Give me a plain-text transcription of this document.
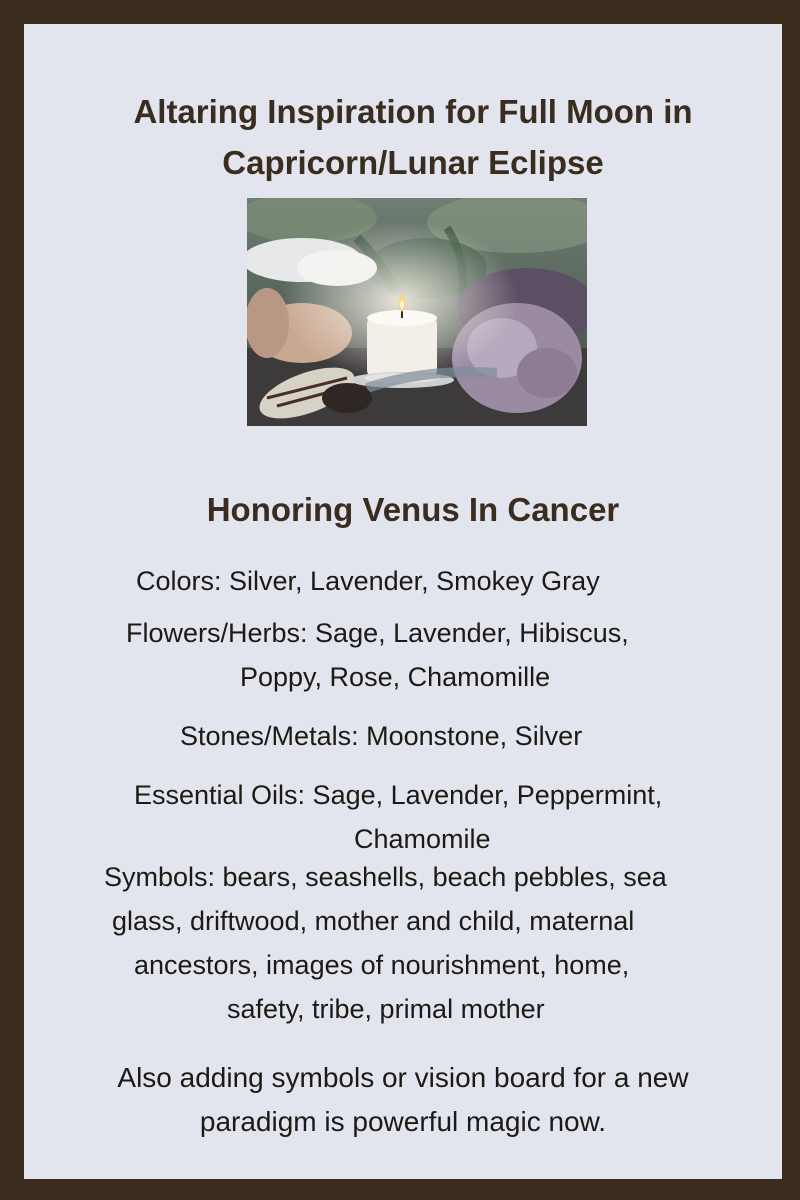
Altaring Inspiration for Full Moon in
Capricorn/Lunar Eclipse
Honoring Venus In Cancer
Colors: Silver, Lavender, Smokey Gray
Flowers/Herbs: Sage, Lavender, Hibiscus,
Poppy, Rose, Chamomille
Stones/Metals: Moonstone, Silver
Essential Oils: Sage, Lavender, Peppermint,
Chamomile
Symbols: bears, seashells, beach pebbles, sea
glass, driftwood, mother and child, maternal
ancestors, images of nourishment, home,
safety, tribe, primal mother
Also adding symbols or vision board for a new
paradigm is powerful magic now.
